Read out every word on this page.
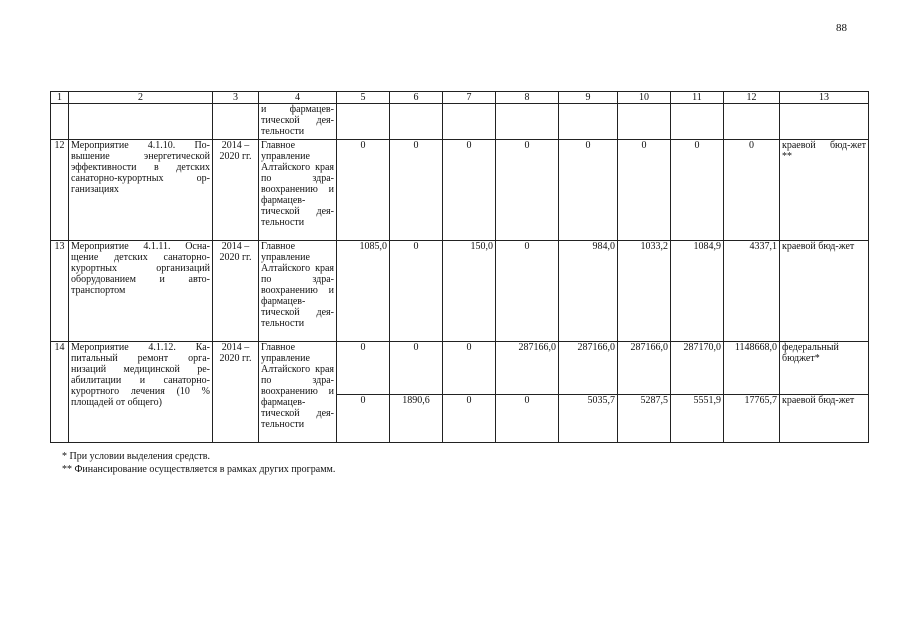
88
1	2	3	4	5	6	7	8	9	10	11	12	13
			и фармацев-тической дея-тельности									
12	Мероприятие 4.1.10. По-вышение энергетической эффективности в детских санаторно-курортных ор-ганизациях	2014 – 2020 гг.	Главное управление Алтайского края по здра-воохранению и фармацев-тической дея-тельности	0	0	0	0	0	0	0	0	краевой бюд-жет **
13	Мероприятие 4.1.11. Осна-щение детских санаторно-курортных организаций оборудованием и авто-транспортом	2014 – 2020 гг.	Главное управление Алтайского края по здра-воохранению и фармацев-тической дея-тельности	1085,0	0	150,0	0	984,0	1033,2	1084,9	4337,1	краевой бюд-жет
14	Мероприятие 4.1.12. Ка-питальный ремонт орга-низаций медицинской ре-абилитации и санаторно-курортного лечения (10 % площадей от общего)	2014 – 2020 гг.	Главное управление Алтайского края по здра-воохранению и фармацев-тической дея-тельности	0	0	0	287166,0	287166,0	287166,0	287170,0	1148668,0	федеральный бюджет*
				0	1890,6	0	0	5035,7	5287,5	5551,9	17765,7	краевой бюд-жет
* При условии выделения средств.
** Финансирование осуществляется в рамках других программ.
